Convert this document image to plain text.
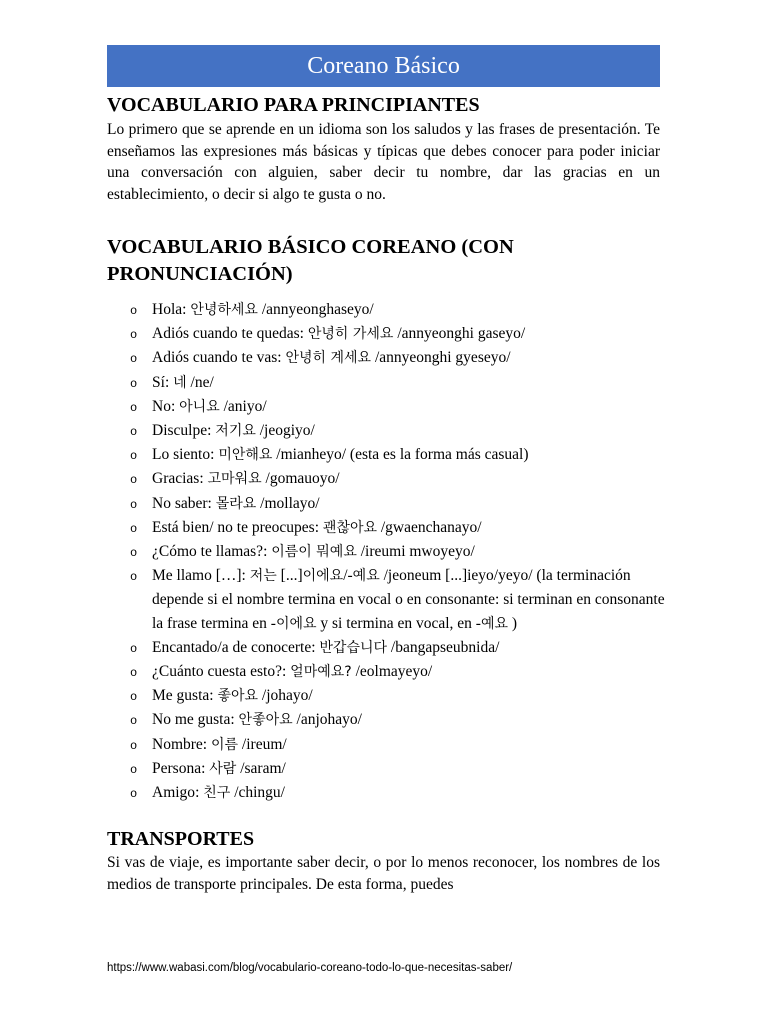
Coreano Básico
VOCABULARIO PARA PRINCIPIANTES

Lo primero que se aprende en un idioma son los saludos y las frases de presentación. Te enseñamos las expresiones más básicas y típicas que debes conocer para poder iniciar una conversación con alguien, saber decir tu nombre, dar las gracias en un establecimiento, o decir si algo te gusta o no.

VOCABULARIO BÁSICO COREANO (CON PRONUNCIACIÓN)
o Hola: 안녕하세요 /annyeonghaseyo/
o Adiós cuando te quedas: 안녕히 가세요 /annyeonghi gaseyo/
o Adiós cuando te vas: 안녕히 계세요 /annyeonghi gyeseyo/
o Sí: 네 /ne/
o No: 아니요 /aniyo/
o Disculpe: 저기요 /jeogiyo/
o Lo siento: 미안해요 /mianheyo/ (esta es la forma más casual)
o Gracias: 고마워요 /gomauoyo/
o No saber: 몰라요 /mollayo/
o Está bien/ no te preocupes: 괜찮아요 /gwaenchanayo/
o ¿Cómo te llamas?: 이름이 뭐예요 /ireumi mwoyeyo/
o Me llamo […]: 저는 [...]이에요/-예요 /jeoneum [...]ieyo/yeyo/ (la terminación depende si el nombre termina en vocal o en consonante: si terminan en consonante la frase termina en -이에요 y si termina en vocal, en -예요 )
o Encantado/a de conocerte: 반갑습니다 /bangapseubnida/
o ¿Cuánto cuesta esto?: 얼마예요? /eolmayeyo/
o Me gusta: 좋아요 /johayo/
o No me gusta: 안좋아요 /anjohayo/
o Nombre: 이름 /ireum/
o Persona: 사람 /saram/
o Amigo: 친구 /chingu/
TRANSPORTES

Si vas de viaje, es importante saber decir, o por lo menos reconocer, los nombres de los medios de transporte principales. De esta forma, puedes

https://www.wabasi.com/blog/vocabulario-coreano-todo-lo-que-necesitas-saber/
